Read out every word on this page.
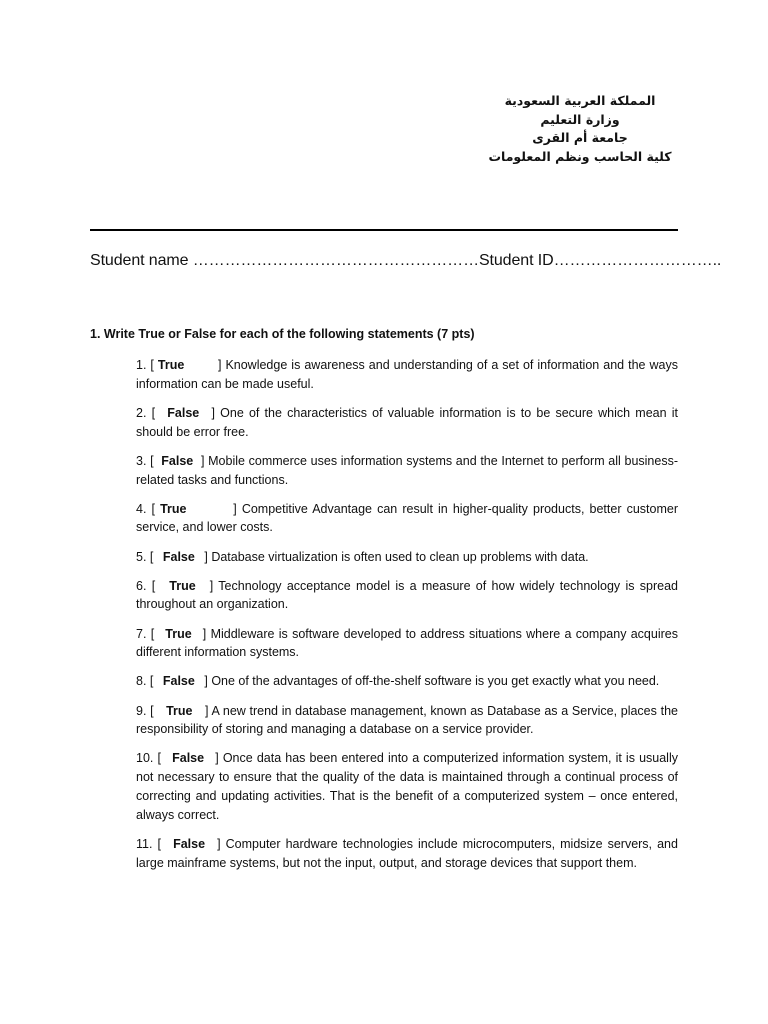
المملكة العربية السعودية
وزارة التعليم
جامعة أم القرى
كلية الحاسب ونظم المعلومات
Student name ………………………………………………Student ID…………………………..
1. Write True or False for each of the following statements (7 pts)

1. [ True	] Knowledge is awareness and understanding of a set of information and the ways information can be made useful.

2. [ False ] One of the characteristics of valuable information is to be secure which mean it should be error free.

3. [ False ] Mobile commerce uses information systems and the Internet to perform all business-related tasks and functions.

4. [ True	] Competitive Advantage can result in higher-quality products, better customer service, and lower costs.

5. [ False ] Database virtualization is often used to clean up problems with data.

6. [ True ] Technology acceptance model is a measure of how widely technology is spread throughout an organization.

7. [ True ] Middleware is software developed to address situations where a company acquires different information systems.

8. [ False ] One of the advantages of off-the-shelf software is you get exactly what you need.

9. [ True ] A new trend in database management, known as Database as a Service, places the responsibility of storing and managing a database on a service provider.

10. [ False ] Once data has been entered into a computerized information system, it is usually not necessary to ensure that the quality of the data is maintained through a continual process of correcting and updating activities. That is the benefit of a computerized system – once entered, always correct.

11. [ False ] Computer hardware technologies include microcomputers, midsize servers, and large mainframe systems, but not the input, output, and storage devices that support them.
